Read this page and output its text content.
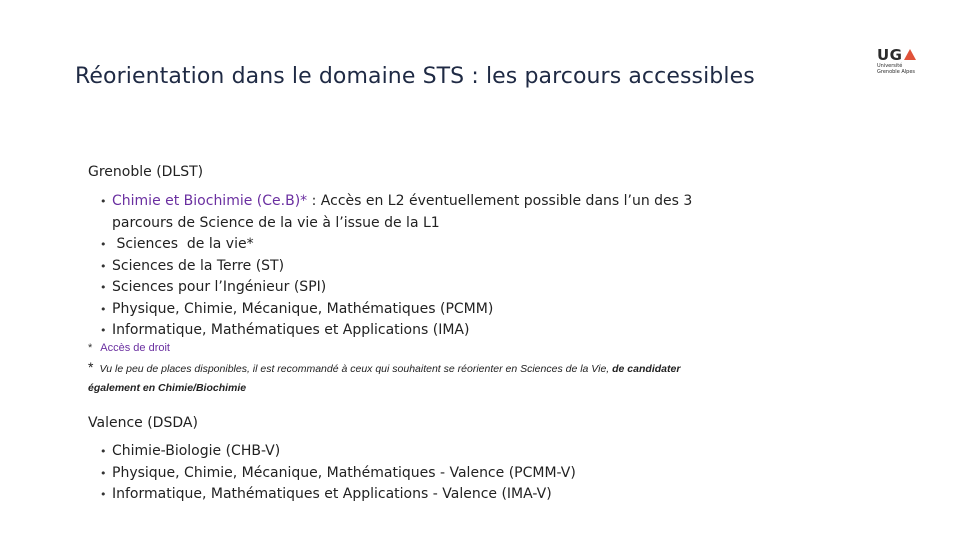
Réorientation dans le domaine STS : les parcours accessibles
UG
Université
Grenoble Alpes
Grenoble (DLST)
• Chimie et Biochimie (Ce.B)* : Accès en L2 éventuellement possible dans l’un des 3
parcours de Science de la vie à l’issue de la L1
• Sciences  de la vie*
• Sciences de la Terre (ST)
• Sciences pour l’Ingénieur (SPI)
• Physique, Chimie, Mécanique, Mathématiques (PCMM)
• Informatique, Mathématiques et Applications (IMA)
* Accès de droit
* Vu le peu de places disponibles, il est recommandé à ceux qui souhaitent se réorienter en Sciences de la Vie, de candidater également en Chimie/Biochimie
Valence (DSDA)
• Chimie-Biologie (CHB-V)
• Physique, Chimie, Mécanique, Mathématiques - Valence (PCMM-V)
• Informatique, Mathématiques et Applications - Valence (IMA-V)
